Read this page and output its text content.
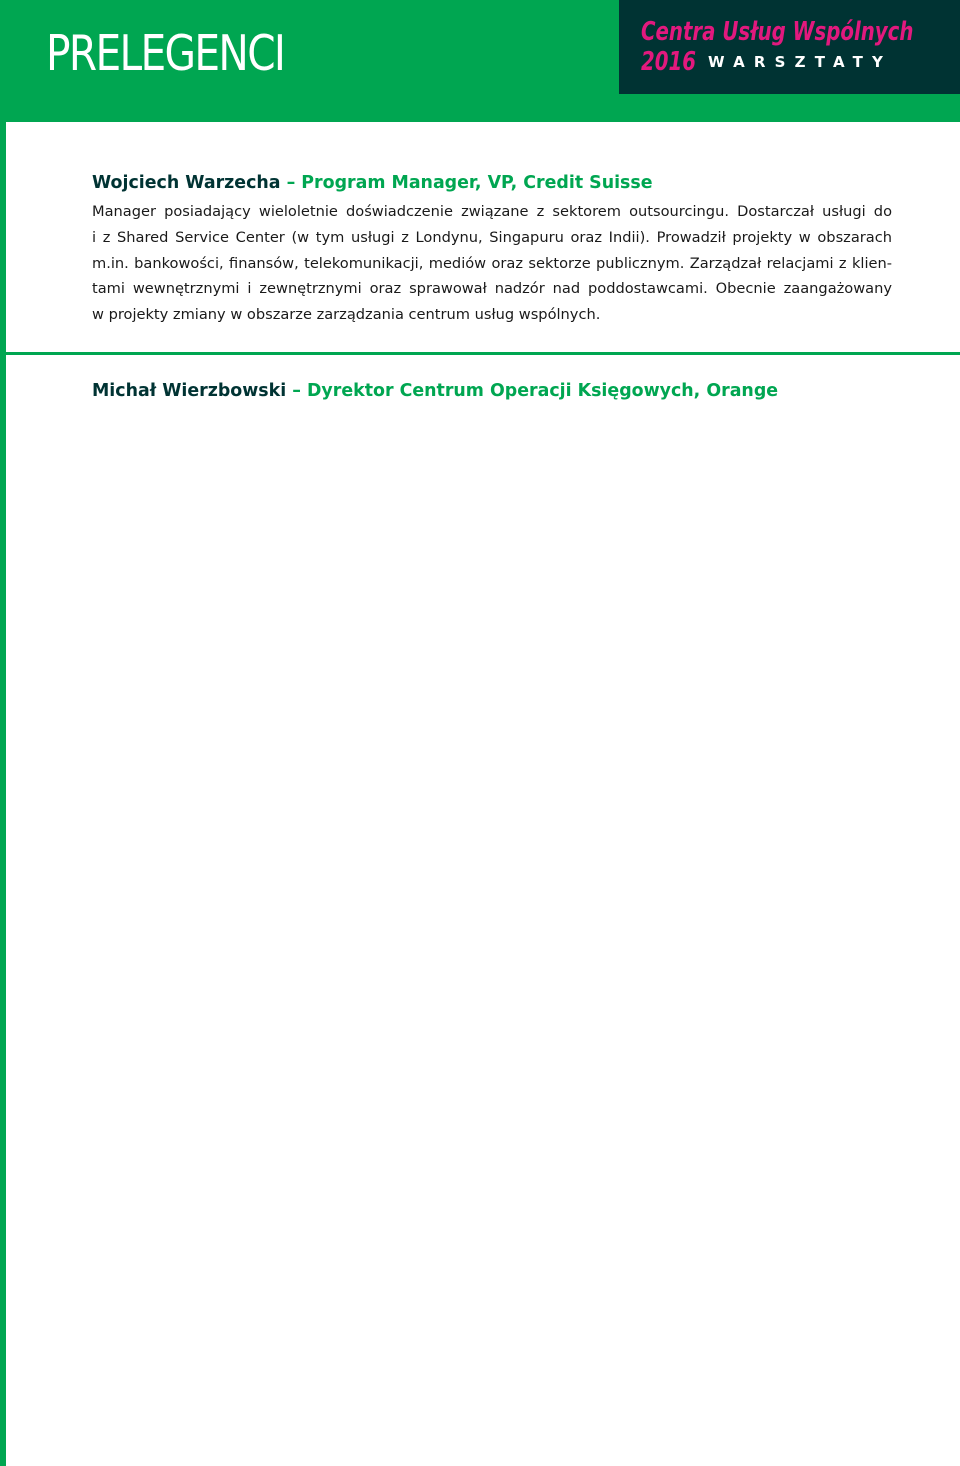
PRELEGENCI	Centra Usług Wspólnych
2016 WARSZTATY
Wojciech Warzecha – Program Manager, VP, Credit Suisse

Manager posiadający wieloletnie doświadczenie związane z sektorem outsourcingu. Dostarczał usługi do
i z Shared Service Center (w tym usługi z Londynu, Singapuru oraz Indii). Prowadził projekty w obszarach
m.in. bankowości, finansów, telekomunikacji, mediów oraz sektorze publicznym. Zarządzał relacjami z klien-
tami wewnętrznymi i zewnętrznymi oraz sprawował nadzór nad poddostawcami. Obecnie zaangażowany
w projekty zmiany w obszarze zarządzania centrum usług wspólnych.

Michał Wierzbowski – Dyrektor Centrum Operacji Księgowych, Orange
